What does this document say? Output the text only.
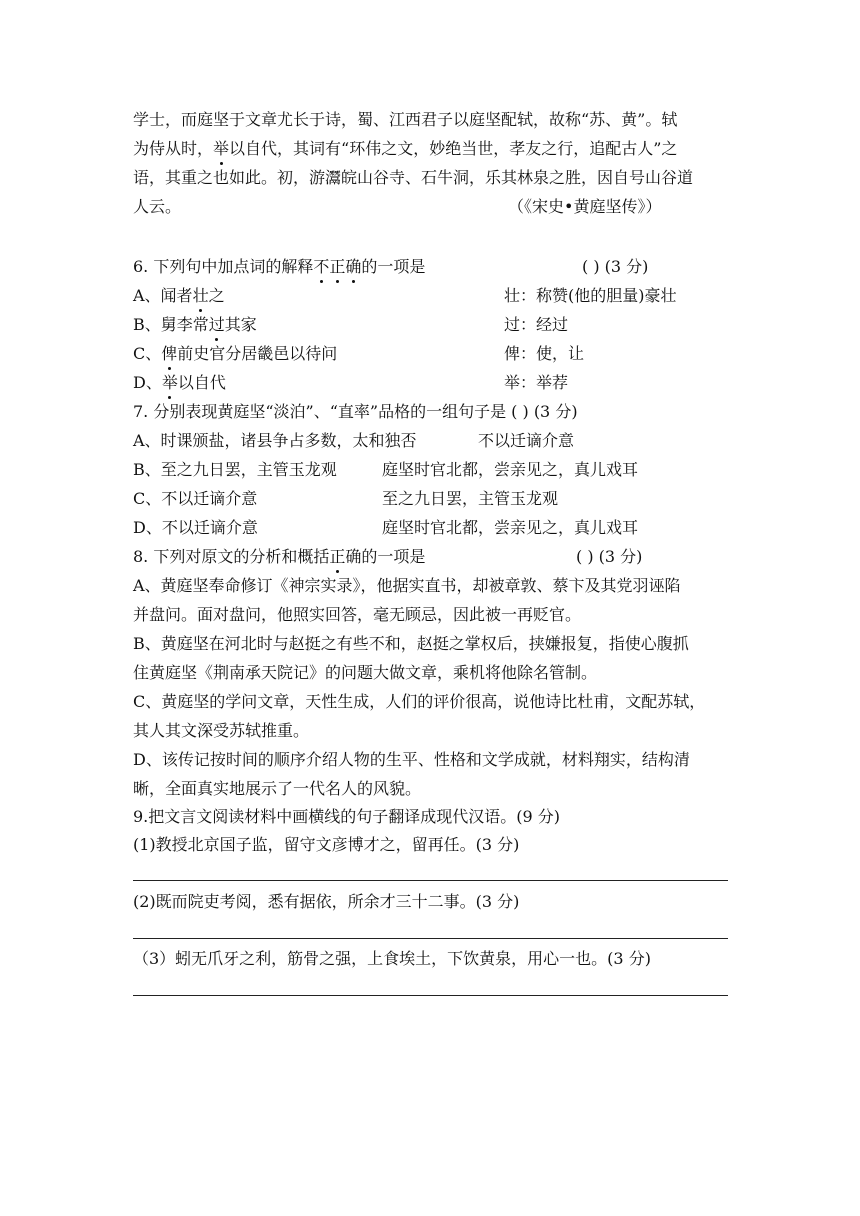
学士，而庭坚于文章尤长于诗，蜀、江西君子以庭坚配轼，故称“苏、黄”。轼
为侍从时，举以自代，其词有“环伟之文，妙绝当世，孝友之行，追配古人”之
语，其重之也如此。初，游灊皖山谷寺、石牛洞，乐其林泉之胜，因自号山谷道
人云。	（《宋史•黄庭坚传》）
6. 下列句中加点词的解释不正确的一项是	( ) (3 分)
A、闻者壮之	壮：称赞(他的胆量)豪壮
B、舅李常过其家	过：经过
C、俾前史官分居畿邑以待问	俾：使，让
D、举以自代	举：举荐
7. 分别表现黄庭坚“淡泊”、“直率”品格的一组句子是 ( ) (3 分)
A、时课颁盐，诸县争占多数，太和独否	不以迁谪介意
B、至之九日罢，主管玉龙观	庭坚时官北都，尝亲见之，真儿戏耳
C、不以迁谪介意	至之九日罢，主管玉龙观
D、不以迁谪介意	庭坚时官北都，尝亲见之，真儿戏耳
8. 下列对原文的分析和概括正确的一项是	( ) (3 分)
A、黄庭坚奉命修订《神宗实录》，他据实直书，却被章敦、蔡卞及其党羽诬陷
并盘问。面对盘问，他照实回答，毫无顾忌，因此被一再贬官。
B、黄庭坚在河北时与赵挺之有些不和，赵挺之掌权后，挟嫌报复，指使心腹抓
住黄庭坚《荆南承天院记》的问题大做文章，乘机将他除名管制。
C、黄庭坚的学问文章，天性生成，人们的评价很高，说他诗比杜甫，文配苏轼，
其人其文深受苏轼推重。
D、该传记按时间的顺序介绍人物的生平、性格和文学成就，材料翔实，结构清
晰，全面真实地展示了一代名人的风貌。
9.把文言文阅读材料中画横线的句子翻译成现代汉语。(9 分)
(1)教授北京国子监，留守文彦博才之，留再任。(3 分)
(2)既而院吏考阅，悉有据依，所余才三十二事。(3 分)
（3）蚓无爪牙之利，筋骨之强，上食埃土，下饮黄泉，用心一也。(3 分)
